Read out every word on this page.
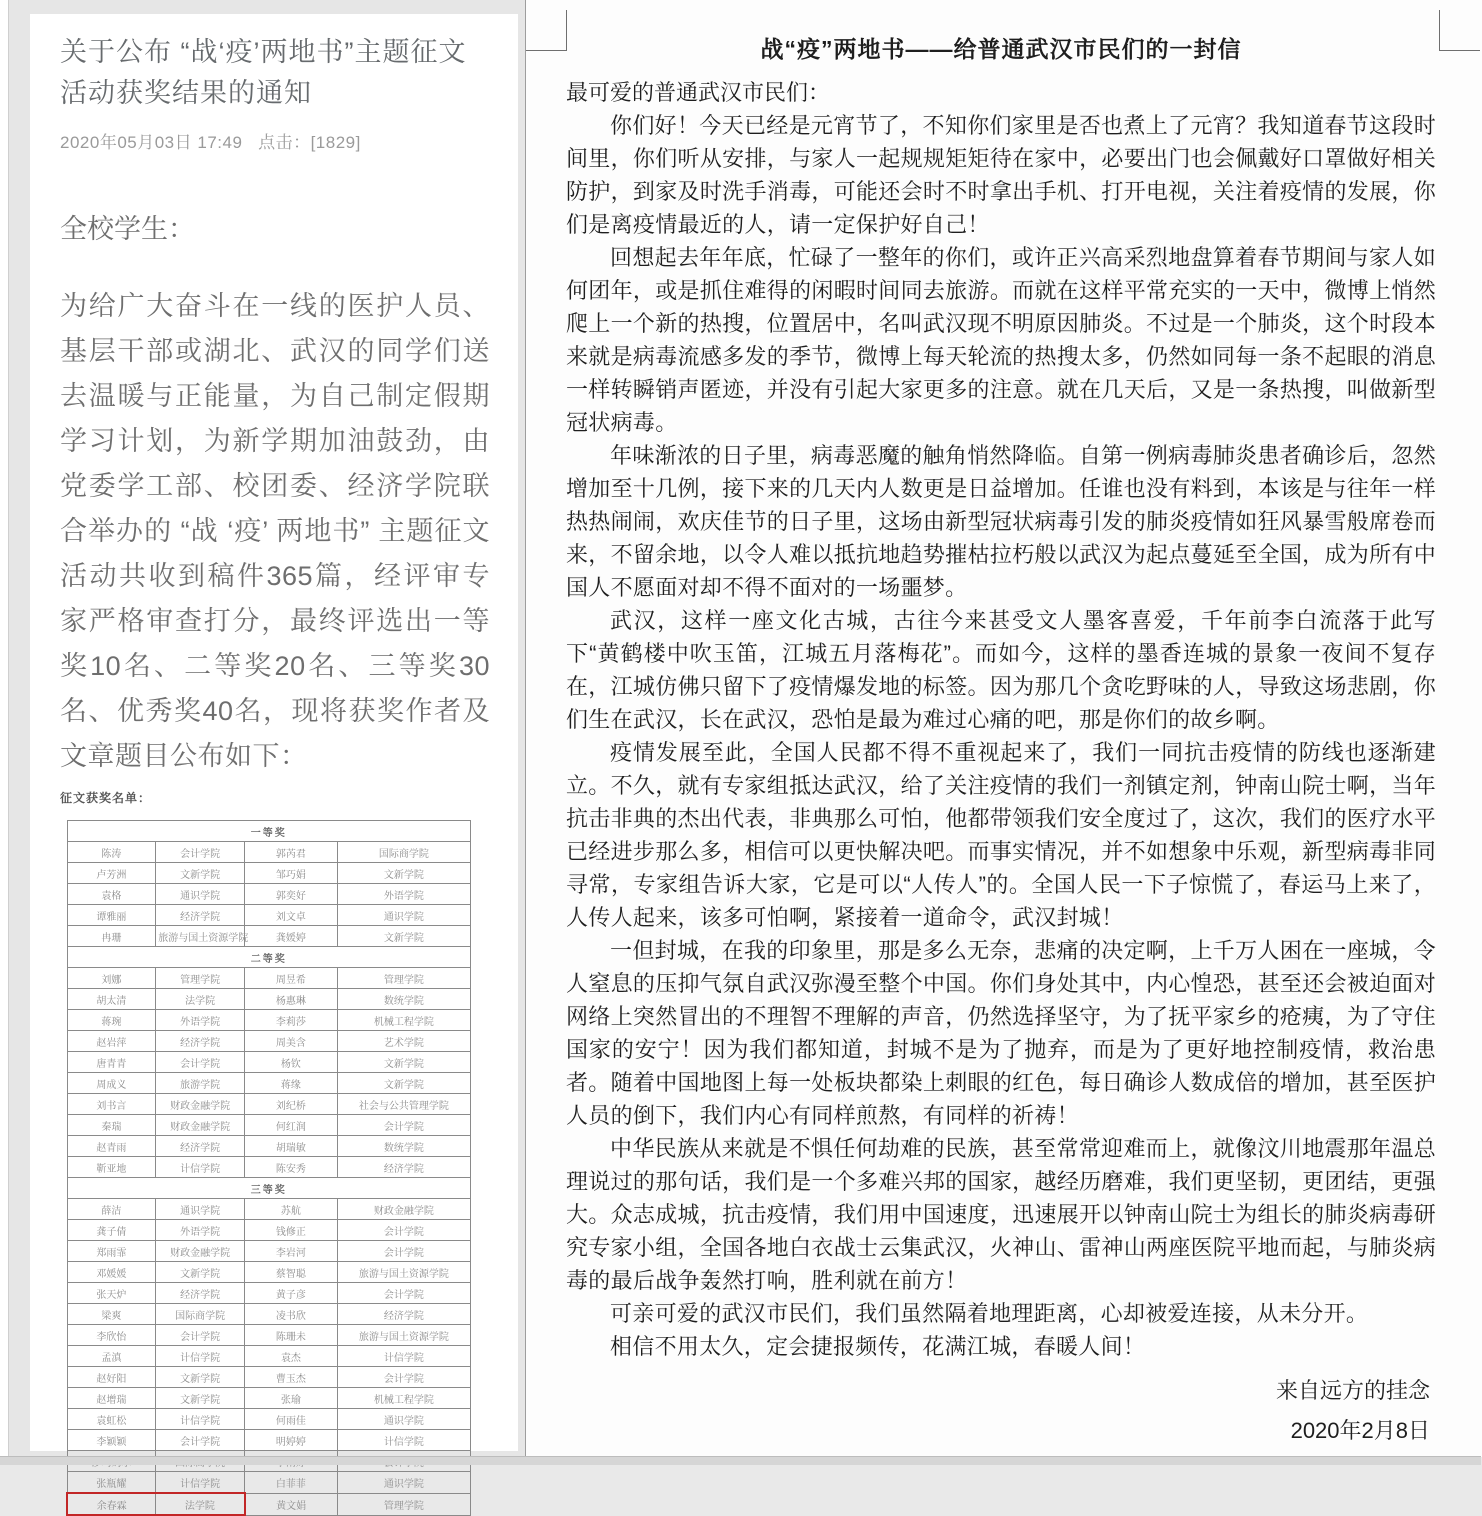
关于公布 “战‘疫’两地书”主题征文活动获奖结果的通知
2020年05月03日 17:49 点击：[1829]
全校学生：
为给广大奋斗在一线的医护人员、基层干部或湖北、武汉的同学们送去温暖与正能量，为自己制定假期学习计划，为新学期加油鼓劲，由党委学工部、校团委、经济学院联合举办的 “战 ‘疫’ 两地书” 主题征文活动共收到稿件365篇，经评审专家严格审查打分，最终评选出一等奖10名、二等奖20名、三等奖30名、优秀奖40名，现将获奖作者及文章题目公布如下：
征文获奖名单：
一等奖			
陈涛	会计学院	郭芮君	国际商学院
卢芳洲	文新学院	邹巧娟	文新学院
袁格	通识学院	郭奕好	外语学院
谭雅丽	经济学院	刘文卓	通识学院
冉珊	旅游与国土资源学院	龚媛婷	文新学院
二等奖			
刘娜	管理学院	周昱希	管理学院
胡太清	法学院	杨惠琳	数统学院
蒋琬	外语学院	李莉莎	机械工程学院
赵岩萍	经济学院	周美含	艺术学院
唐青青	会计学院	杨钦	文新学院
周成义	旅游学院	蒋缘	文新学院
刘书言	财政金融学院	刘纪桥	社会与公共管理学院
秦瑞	财政金融学院	何红润	会计学院
赵青雨	经济学院	胡瑞敏	数统学院
靳亚地	计信学院	陈安秀	经济学院
三等奖			
薛洁	通识学院	苏航	财政金融学院
龚子倩	外语学院	钱修正	会计学院
郑雨霏	财政金融学院	李岩河	会计学院
邓媛媛	文新学院	蔡智聪	旅游与国土资源学院
张天炉	经济学院	黄子彦	会计学院
梁爽	国际商学院	凌书欣	经济学院
李欣怡	会计学院	陈珊未	旅游与国土资源学院
孟滇	计信学院	袁杰	计信学院
赵好阳	文新学院	曹玉杰	会计学院
赵增瑞	文新学院	张瑜	机械工程学院
袁虹松	计信学院	何雨佳	通识学院
李颖颖	会计学院	明婷婷	计信学院

张瓶耀	计信学院	白菲菲	通识学院
余春霖	法学院	黄文娟	管理学院
战“疫”两地书——给普通武汉市民们的一封信
最可爱的普通武汉市民们：

你们好！今天已经是元宵节了，不知你们家里是否也煮上了元宵？我知道春节这段时间里，你们听从安排，与家人一起规规矩矩待在家中，必要出门也会佩戴好口罩做好相关防护，到家及时洗手消毒，可能还会时不时拿出手机、打开电视，关注着疫情的发展，你们是离疫情最近的人，请一定保护好自己！

回想起去年年底，忙碌了一整年的你们，或许正兴高采烈地盘算着春节期间与家人如何团年，或是抓住难得的闲暇时间同去旅游。而就在这样平常充实的一天中，微博上悄然爬上一个新的热搜，位置居中，名叫武汉现不明原因肺炎。不过是一个肺炎，这个时段本来就是病毒流感多发的季节，微博上每天轮流的热搜太多，仍然如同每一条不起眼的消息一样转瞬销声匿迹，并没有引起大家更多的注意。就在几天后，又是一条热搜，叫做新型冠状病毒。

年味渐浓的日子里，病毒恶魔的触角悄然降临。自第一例病毒肺炎患者确诊后，忽然增加至十几例，接下来的几天内人数更是日益增加。任谁也没有料到，本该是与往年一样热热闹闹，欢庆佳节的日子里，这场由新型冠状病毒引发的肺炎疫情如狂风暴雪般席卷而来，不留余地，以令人难以抵抗地趋势摧枯拉朽般以武汉为起点蔓延至全国，成为所有中国人不愿面对却不得不面对的一场噩梦。

武汉，这样一座文化古城，古往今来甚受文人墨客喜爱，千年前李白流落于此写下“黄鹤楼中吹玉笛，江城五月落梅花”。而如今，这样的墨香连城的景象一夜间不复存在，江城仿佛只留下了疫情爆发地的标签。因为那几个贪吃野味的人，导致这场悲剧，你们生在武汉，长在武汉，恐怕是最为难过心痛的吧，那是你们的故乡啊。

疫情发展至此，全国人民都不得不重视起来了，我们一同抗击疫情的防线也逐渐建立。不久，就有专家组抵达武汉，给了关注疫情的我们一剂镇定剂，钟南山院士啊，当年抗击非典的杰出代表，非典那么可怕，他都带领我们安全度过了，这次，我们的医疗水平已经进步那么多，相信可以更快解决吧。而事实情况，并不如想象中乐观，新型病毒非同寻常，专家组告诉大家，它是可以“人传人”的。全国人民一下子惊慌了，春运马上来了，人传人起来，该多可怕啊，紧接着一道命令，武汉封城！

一但封城，在我的印象里，那是多么无奈，悲痛的决定啊，上千万人困在一座城，令人窒息的压抑气氛自武汉弥漫至整个中国。你们身处其中，内心惶恐，甚至还会被迫面对网络上突然冒出的不理智不理解的声音，仍然选择坚守，为了抚平家乡的疮痍，为了守住国家的安宁！因为我们都知道，封城不是为了抛弃，而是为了更好地控制疫情，救治患者。随着中国地图上每一处板块都染上刺眼的红色，每日确诊人数成倍的增加，甚至医护人员的倒下，我们内心有同样煎熬，有同样的祈祷！

中华民族从来就是不惧任何劫难的民族，甚至常常迎难而上，就像汶川地震那年温总理说过的那句话，我们是一个多难兴邦的国家，越经历磨难，我们更坚韧，更团结，更强大。众志成城，抗击疫情，我们用中国速度，迅速展开以钟南山院士为组长的肺炎病毒研究专家小组，全国各地白衣战士云集武汉，火神山、雷神山两座医院平地而起，与肺炎病毒的最后战争轰然打响，胜利就在前方！

可亲可爱的武汉市民们，我们虽然隔着地理距离，心却被爱连接，从未分开。

相信不用太久，定会捷报频传，花满江城，春暖人间！

来自远方的挂念
2020年2月8日
